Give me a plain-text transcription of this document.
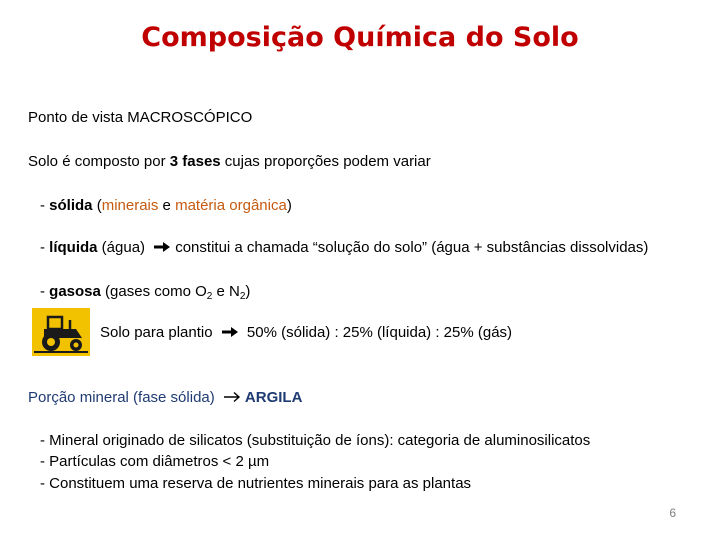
Composição Química do Solo
Ponto de vista MACROSCÓPICO
Solo é composto por 3 fases cujas proporções podem variar
- sólida (minerais e matéria orgânica)
- líquida (água) constitui a chamada “solução do solo” (água + substâncias dissolvidas)
- gasosa (gases como $O_2$ e $N_2$)
Solo para plantio  50% (sólida) : 25% (líquida) : 25% (gás)
Porção mineral (fase sólida) ARGILA
- Mineral originado de silicatos (substituição de íons): categoria de aluminosilicatos
- Partículas com diâmetros < 2 µm
- Constituem uma reserva de nutrientes minerais para as plantas
6
